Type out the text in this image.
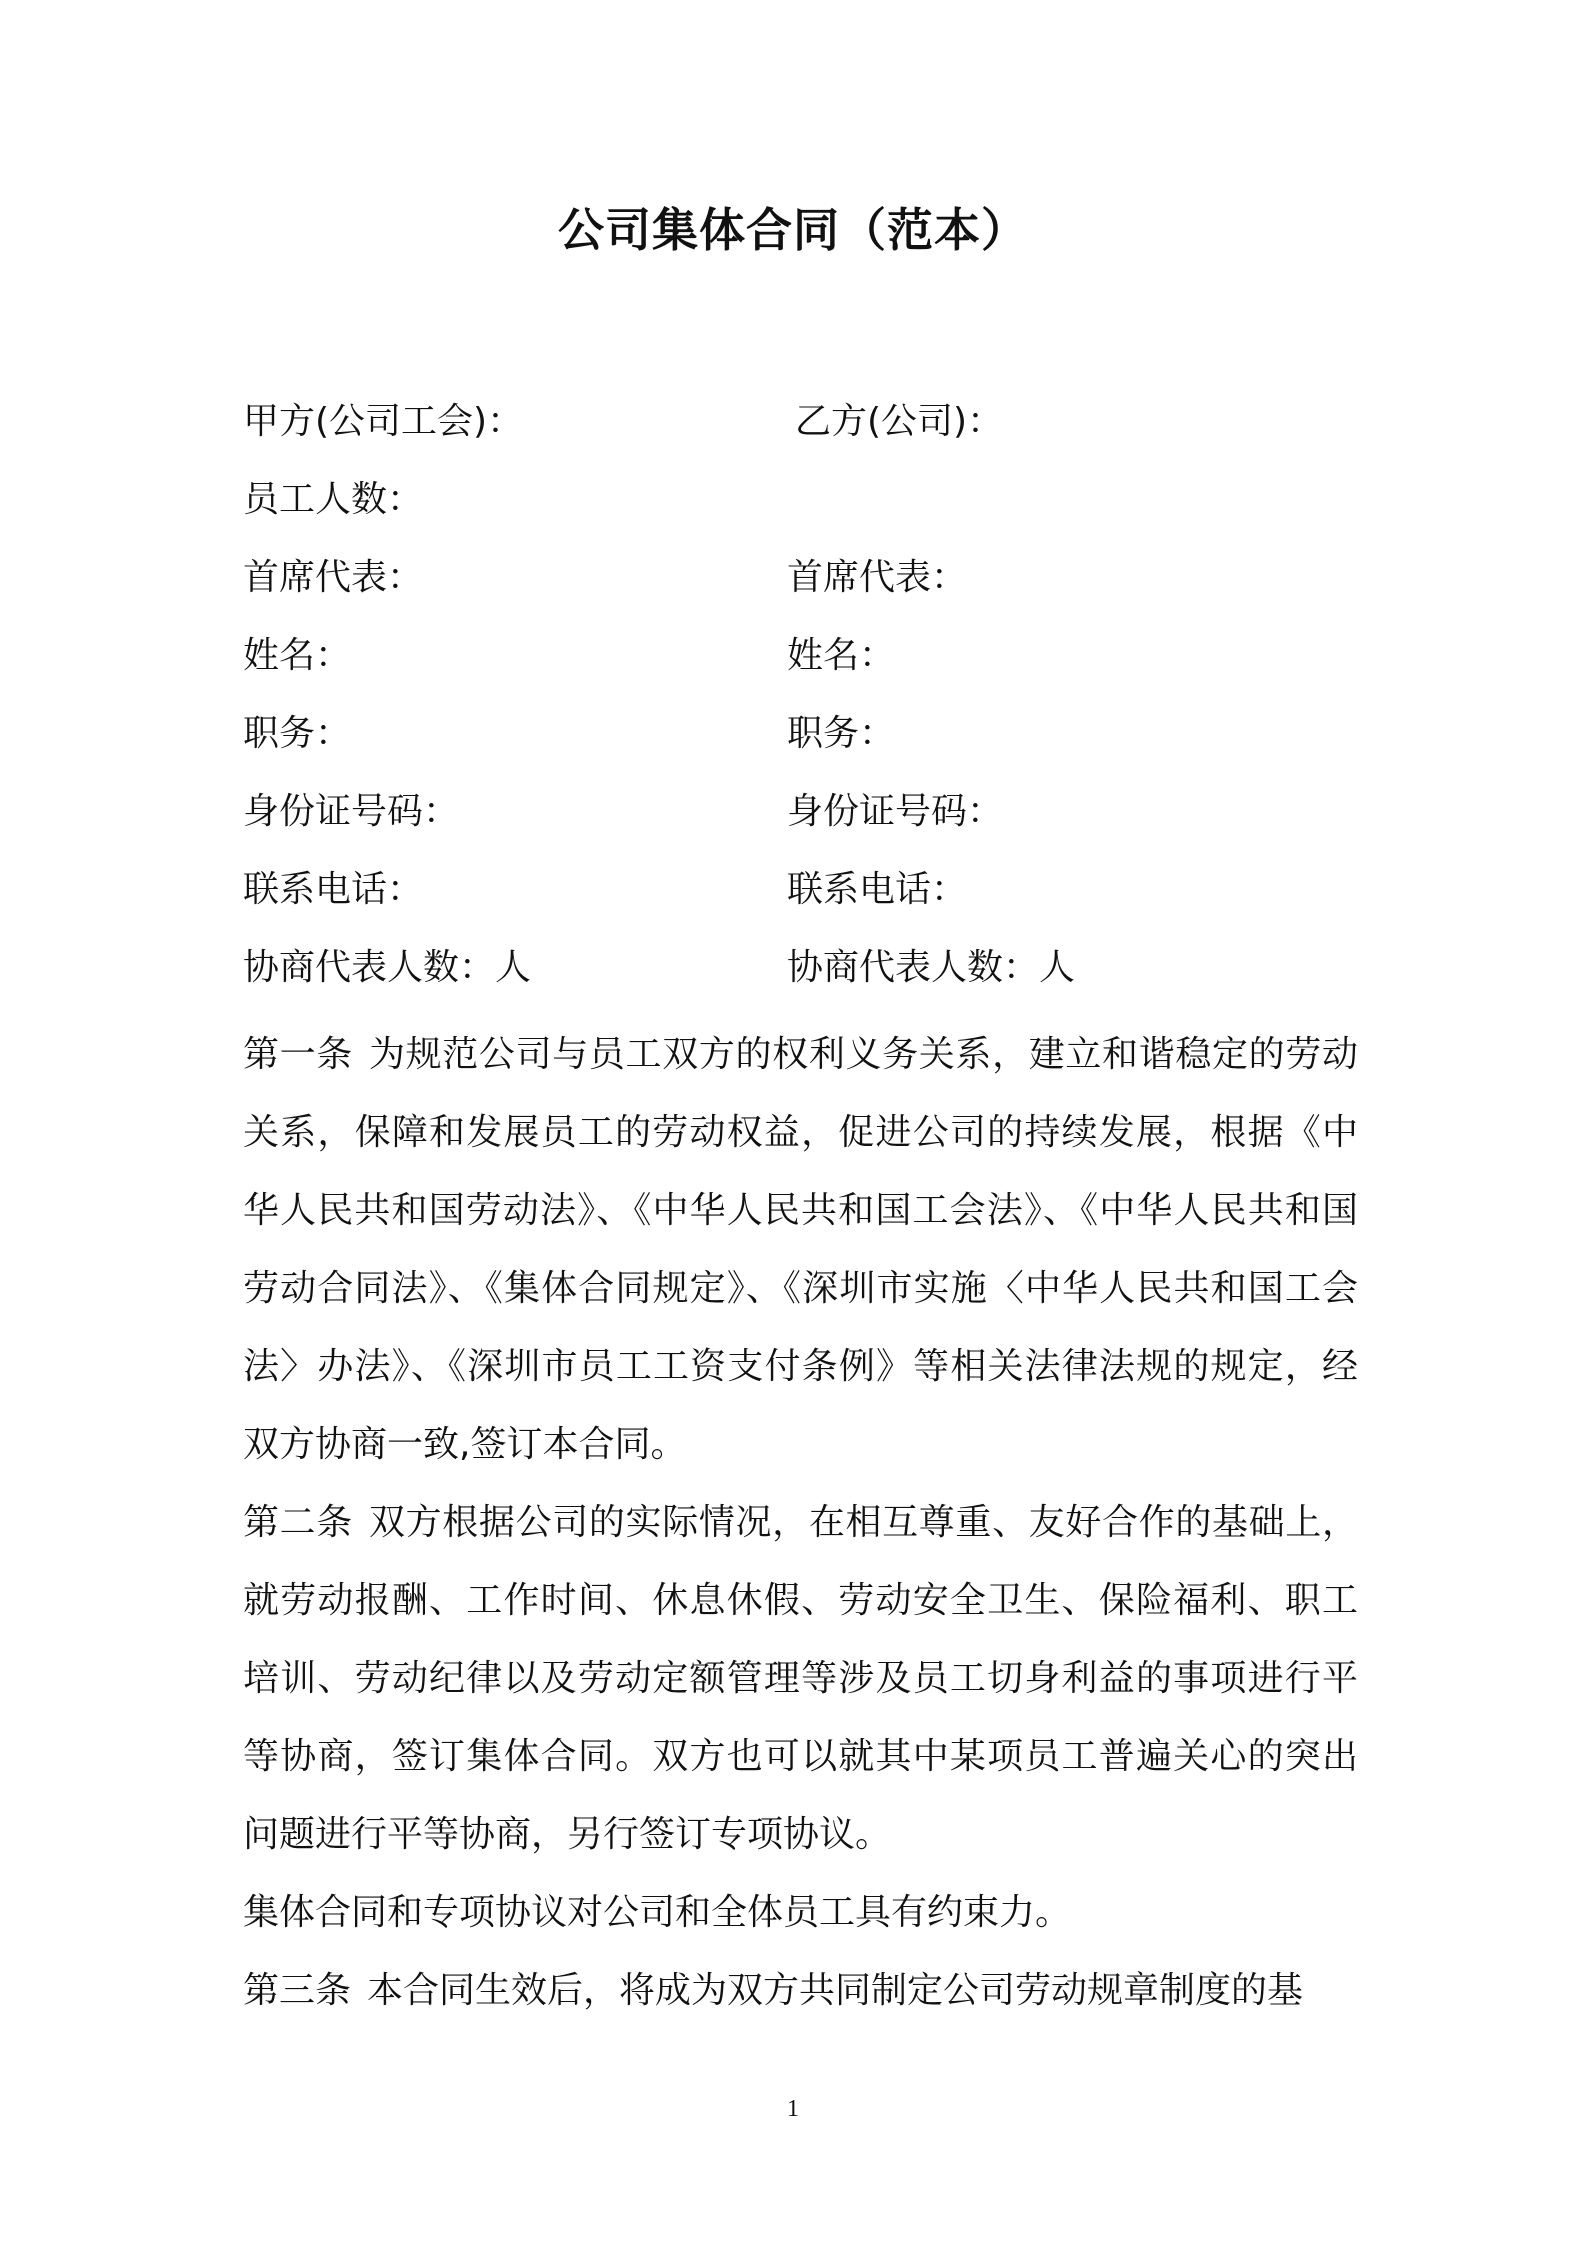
公司集体合同（范本）
甲方(公司工会)：	乙方(公司)：
员工人数：
首席代表：	首席代表：
姓名：	姓名：
职务：	职务：
身份证号码：	身份证号码：
联系电话：	联系电话：
协商代表人数：人	协商代表人数：人

第一条 为规范公司与员工双方的权利义务关系，建立和谐稳定的劳动关系，保障和发展员工的劳动权益，促进公司的持续发展，根据《中华人民共和国劳动法》、《中华人民共和国工会法》、《中华人民共和国劳动合同法》、《集体合同规定》、《深圳市实施〈中华人民共和国工会法〉办法》、《深圳市员工工资支付条例》等相关法律法规的规定，经双方协商一致,签订本合同。

第二条 双方根据公司的实际情况，在相互尊重、友好合作的基础上，就劳动报酬、工作时间、休息休假、劳动安全卫生、保险福利、职工培训、劳动纪律以及劳动定额管理等涉及员工切身利益的事项进行平等协商，签订集体合同。双方也可以就其中某项员工普遍关心的突出问题进行平等协商，另行签订专项协议。

集体合同和专项协议对公司和全体员工具有约束力。

第三条 本合同生效后，将成为双方共同制定公司劳动规章制度的基

1
